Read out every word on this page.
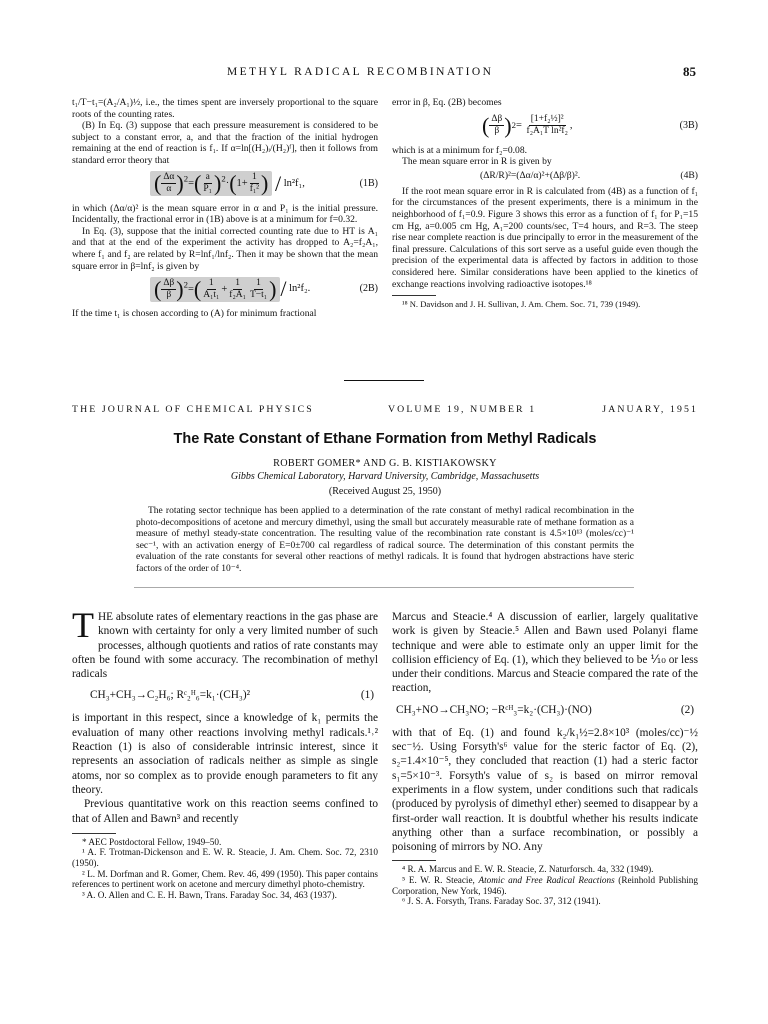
METHYL RADICAL RECOMBINATION	85

t₁/T−t₁=(A₂/A₁)½, i.e., the times spent are inversely proportional to the square roots of the counting rates.

(B) In Eq. (3) suppose that each pressure measurement is considered to be subject to a constant error, a, and that the fraction of the initial hydrogen remaining at the end of reaction is f₁. If α=ln[(H₂)ᵢ/(H₂)ᶠ], then it follows from standard error theory that

( $\frac{\Delta\alpha}{\alpha} )^2=( \frac{a}{\text{P₁}} )^2\cdot(1+ \frac{1}{\text{f₁²}}$ )
/ ln²f₁,	(1B)

in which (Δα/α)² is the mean square error in α and P₁ is the initial pressure. Incidentally, the fractional error in (1B) above is at a minimum for f=0.32.

In Eq. (3), suppose that the initial corrected counting rate due to HT is A₁ and that at the end of the experiment the activity has dropped to A₂=f₂A₁, where f₁ and f₂ are related by R=lnf₁/lnf₂. Then it may be shown that the mean square error in β=lnf₂ is given by

( $\frac{\Delta\beta}{\beta} )^2=( \frac{1}{\text{A₁t₁}} + \frac{1}{\text{f₂A₁}} \frac{1}{\text{T−t₁}}$ ) / ln²f₂.	(2B)

If the time t₁ is chosen according to (A) for minimum fractional

error in β, Eq. (2B) becomes

( $\frac{\Delta\beta}{\beta}$ ) $2 = \frac{\text{[1+f₂½]²}}{\text{f₂A₁T ln²f₂}}$ ,	(3B)

which is at a minimum for f₂=0.08.

The mean square error in R is given by

(ΔR/R)²=(Δα/α)²+(Δβ/β)².	(4B)

If the root mean square error in R is calculated from (4B) as a function of f₁ for the circumstances of the present experiments, there is a minimum in the neighborhood of f₁=0.9. Figure 3 shows this error as a function of f₁ for P₁=15 cm Hg, a=0.005 cm Hg, A₁=200 counts/sec, T=4 hours, and R=3. The steep rise near complete reaction is due principally to error in the measurement of the final pressure. Calculations of this sort serve as a useful guide even though the precision of the experimental data is affected by factors in addition to those considered here. Similar considerations have been applied to the kinetics of exchange reactions involving radioactive isotopes.¹⁸

¹⁸ N. Davidson and J. H. Sullivan, J. Am. Chem. Soc. 71, 739 (1949).

THE JOURNAL OF CHEMICAL PHYSICS	VOLUME 19, NUMBER 1	JANUARY, 1951
The Rate Constant of Ethane Formation from Methyl Radicals
ROBERT GOMER* AND G. B. KISTIAKOWSKY
Gibbs Chemical Laboratory, Harvard University, Cambridge, Massachusetts
(Received August 25, 1950)

The rotating sector technique has been applied to a determination of the rate constant of methyl radical recombination in the photo-decompositions of acetone and mercury dimethyl, using the small but accurately measurable rate of methane formation as a measure of methyl steady-state concentration. The resulting value of the recombination rate constant is 4.5×10¹³ (moles/cc)⁻¹ sec⁻¹, with an activation energy of E=0±700 cal regardless of radical source. The determination of this constant permits the evaluation of the rate constants for several other reactions of methyl radicals. It is found that hydrogen abstractions have steric factors of the order of 10⁻⁴.

THE absolute rates of elementary reactions in the gas phase are known with certainty for only a very limited number of such processes, although quotients and ratios of rate constants may often be found with some accuracy. The recombination of methyl radicals

CH₃+CH₃→C₂H₆; Rᶜ₂ᴴ₆=k₁·(CH₃)²	(1)

is important in this respect, since a knowledge of k₁ permits the evaluation of many other reactions involving methyl radicals.¹˒² Reaction (1) is also of considerable intrinsic interest, since it represents an association of radicals neither as simple as single atoms, nor so complex as to provide enough parameters to fit any theory.

Previous quantitative work on this reaction seems confined to that of Allen and Bawn³ and recently

* AEC Postdoctoral Fellow, 1949–50.

¹ A. F. Trotman-Dickenson and E. W. R. Steacie, J. Am. Chem. Soc. 72, 2310 (1950).

² L. M. Dorfman and R. Gomer, Chem. Rev. 46, 499 (1950). This paper contains references to pertinent work on acetone and mercury dimethyl photo-chemistry.

³ A. O. Allen and C. E. H. Bawn, Trans. Faraday Soc. 34, 463 (1937).

Marcus and Steacie.⁴ A discussion of earlier, largely qualitative work is given by Steacie.⁵ Allen and Bawn used Polanyi flame technique and were able to estimate only an upper limit for the collision efficiency of Eq. (1), which they believed to be ⅒ or less under their conditions. Marcus and Steacie compared the rate of the reaction,

CH₃+NO→CH₃NO; −Rᶜᴴ₃=k₂·(CH₃)·(NO)	(2)

with that of Eq. (1) and found k₂/k₁½=2.8×10³ (moles/cc)⁻½ sec⁻½. Using Forsyth's⁶ value for the steric factor of Eq. (2), s₂=1.4×10⁻⁵, they concluded that reaction (1) had a steric factor s₁=5×10⁻³. Forsyth's value of s₂ is based on mirror removal experiments in a flow system, under conditions such that radicals (produced by pyrolysis of dimethyl ether) seemed to disappear by a first-order wall reaction. It is doubtful whether his results indicate anything other than a surface recombination, or possibly a poisoning of mirrors by NO. Any

⁴ R. A. Marcus and E. W. R. Steacie, Z. Naturforsch. 4a, 332 (1949).

⁵ E. W. R. Steacie, Atomic and Free Radical Reactions (Reinhold Publishing Corporation, New York, 1946).

⁶ J. S. A. Forsyth, Trans. Faraday Soc. 37, 312 (1941).
